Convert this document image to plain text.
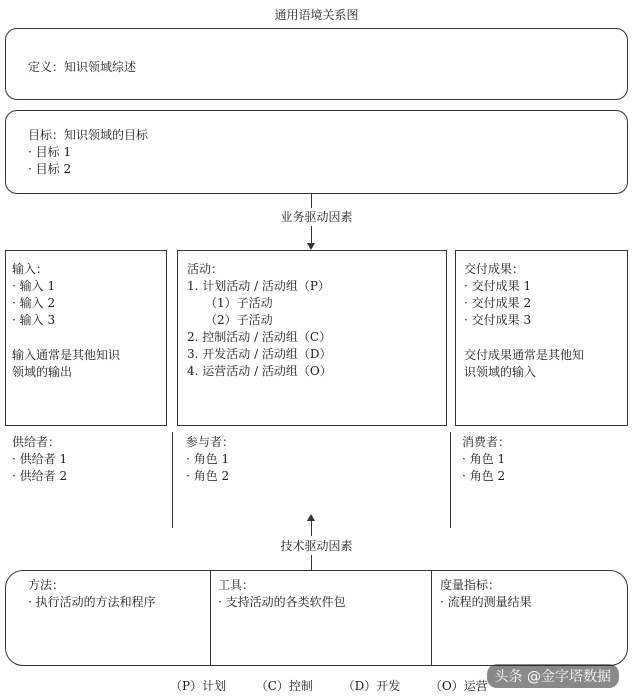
通用语境关系图
定义：知识领域综述
目标：知识领域的目标
· 目标 1
· 目标 2
业务驱动因素
输入：
· 输入 1
· 输入 2
· 输入 3
输入通常是其他知识
领域的输出
活动：
1. 计划活动 / 活动组（P）
（1）子活动
（2）子活动
2. 控制活动 / 活动组（C）
3. 开发活动 / 活动组（D）
4. 运营活动 / 活动组（O）
交付成果：
· 交付成果 1
· 交付成果 2
· 交付成果 3
交付成果通常是其他知
识领域的输入
供给者：
· 供给者 1
· 供给者 2
参与者：
· 角色 1
· 角色 2
消费者：
· 角色 1
· 角色 2
技术驱动因素
方法：
· 执行活动的方法和程序
工具：
· 支持活动的各类软件包
度量指标：
· 流程的测量结果
（P）计划 （C）控制 （D）开发 （O）运营
头条 @金字塔数据
